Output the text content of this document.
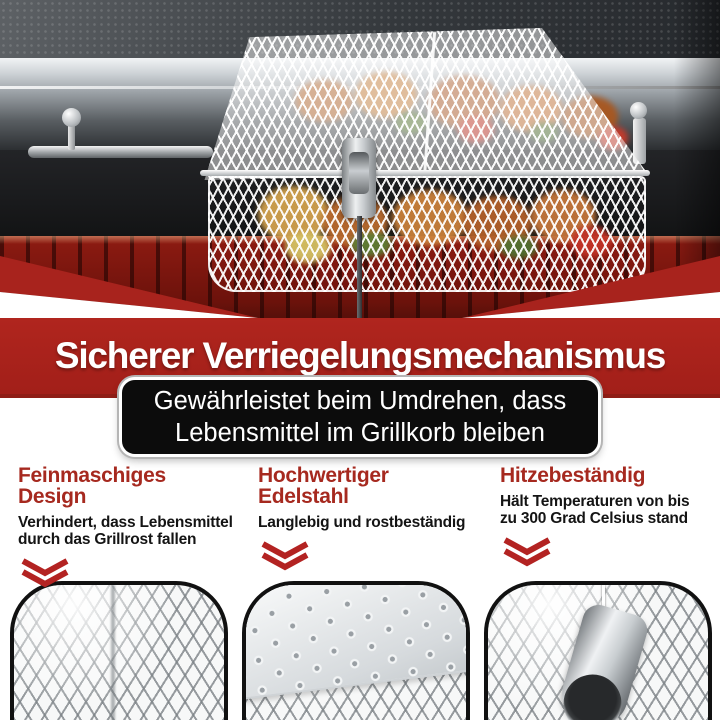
Sicherer Verriegelungsmechanismus
Gewährleistet beim Umdrehen, dass
Lebensmittel im Grillkorb bleiben
Feinmaschiges
Design

Verhindert, dass Lebensmittel
durch das Grillrost fallen

Hochwertiger
Edelstahl

Langlebig und rostbeständig

Hitzebeständig

Hält Temperaturen von bis
zu 300 Grad Celsius stand
